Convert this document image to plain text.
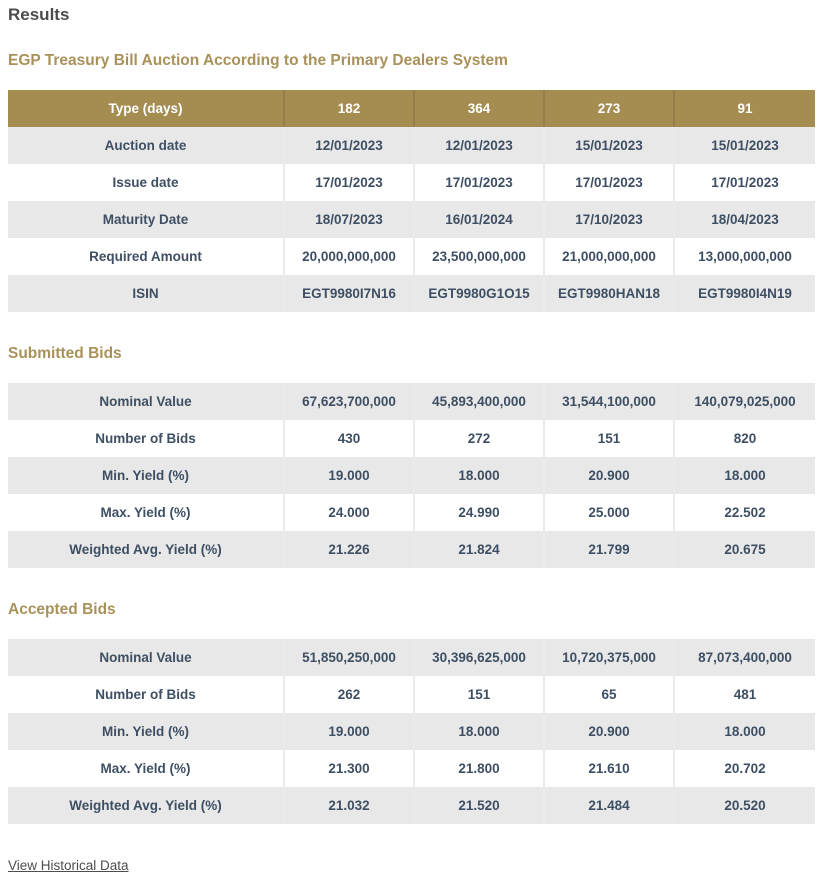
Results
EGP Treasury Bill Auction According to the Primary Dealers System
Type (days)	182	364	273	91
Auction date	12/01/2023	12/01/2023	15/01/2023	15/01/2023
Issue date	17/01/2023	17/01/2023	17/01/2023	17/01/2023
Maturity Date	18/07/2023	16/01/2024	17/10/2023	18/04/2023
Required Amount	20,000,000,000	23,500,000,000	21,000,000,000	13,000,000,000
ISIN	EGT9980I7N16	EGT9980G1O15	EGT9980HAN18	EGT9980I4N19
Submitted Bids
Nominal Value	67,623,700,000	45,893,400,000	31,544,100,000	140,079,025,000
Number of Bids	430	272	151	820
Min. Yield (%)	19.000	18.000	20.900	18.000
Max. Yield (%)	24.000	24.990	25.000	22.502
Weighted Avg. Yield (%)	21.226	21.824	21.799	20.675
Accepted Bids
Nominal Value	51,850,250,000	30,396,625,000	10,720,375,000	87,073,400,000
Number of Bids	262	151	65	481
Min. Yield (%)	19.000	18.000	20.900	18.000
Max. Yield (%)	21.300	21.800	21.610	20.702
Weighted Avg. Yield (%)	21.032	21.520	21.484	20.520
View Historical Data
